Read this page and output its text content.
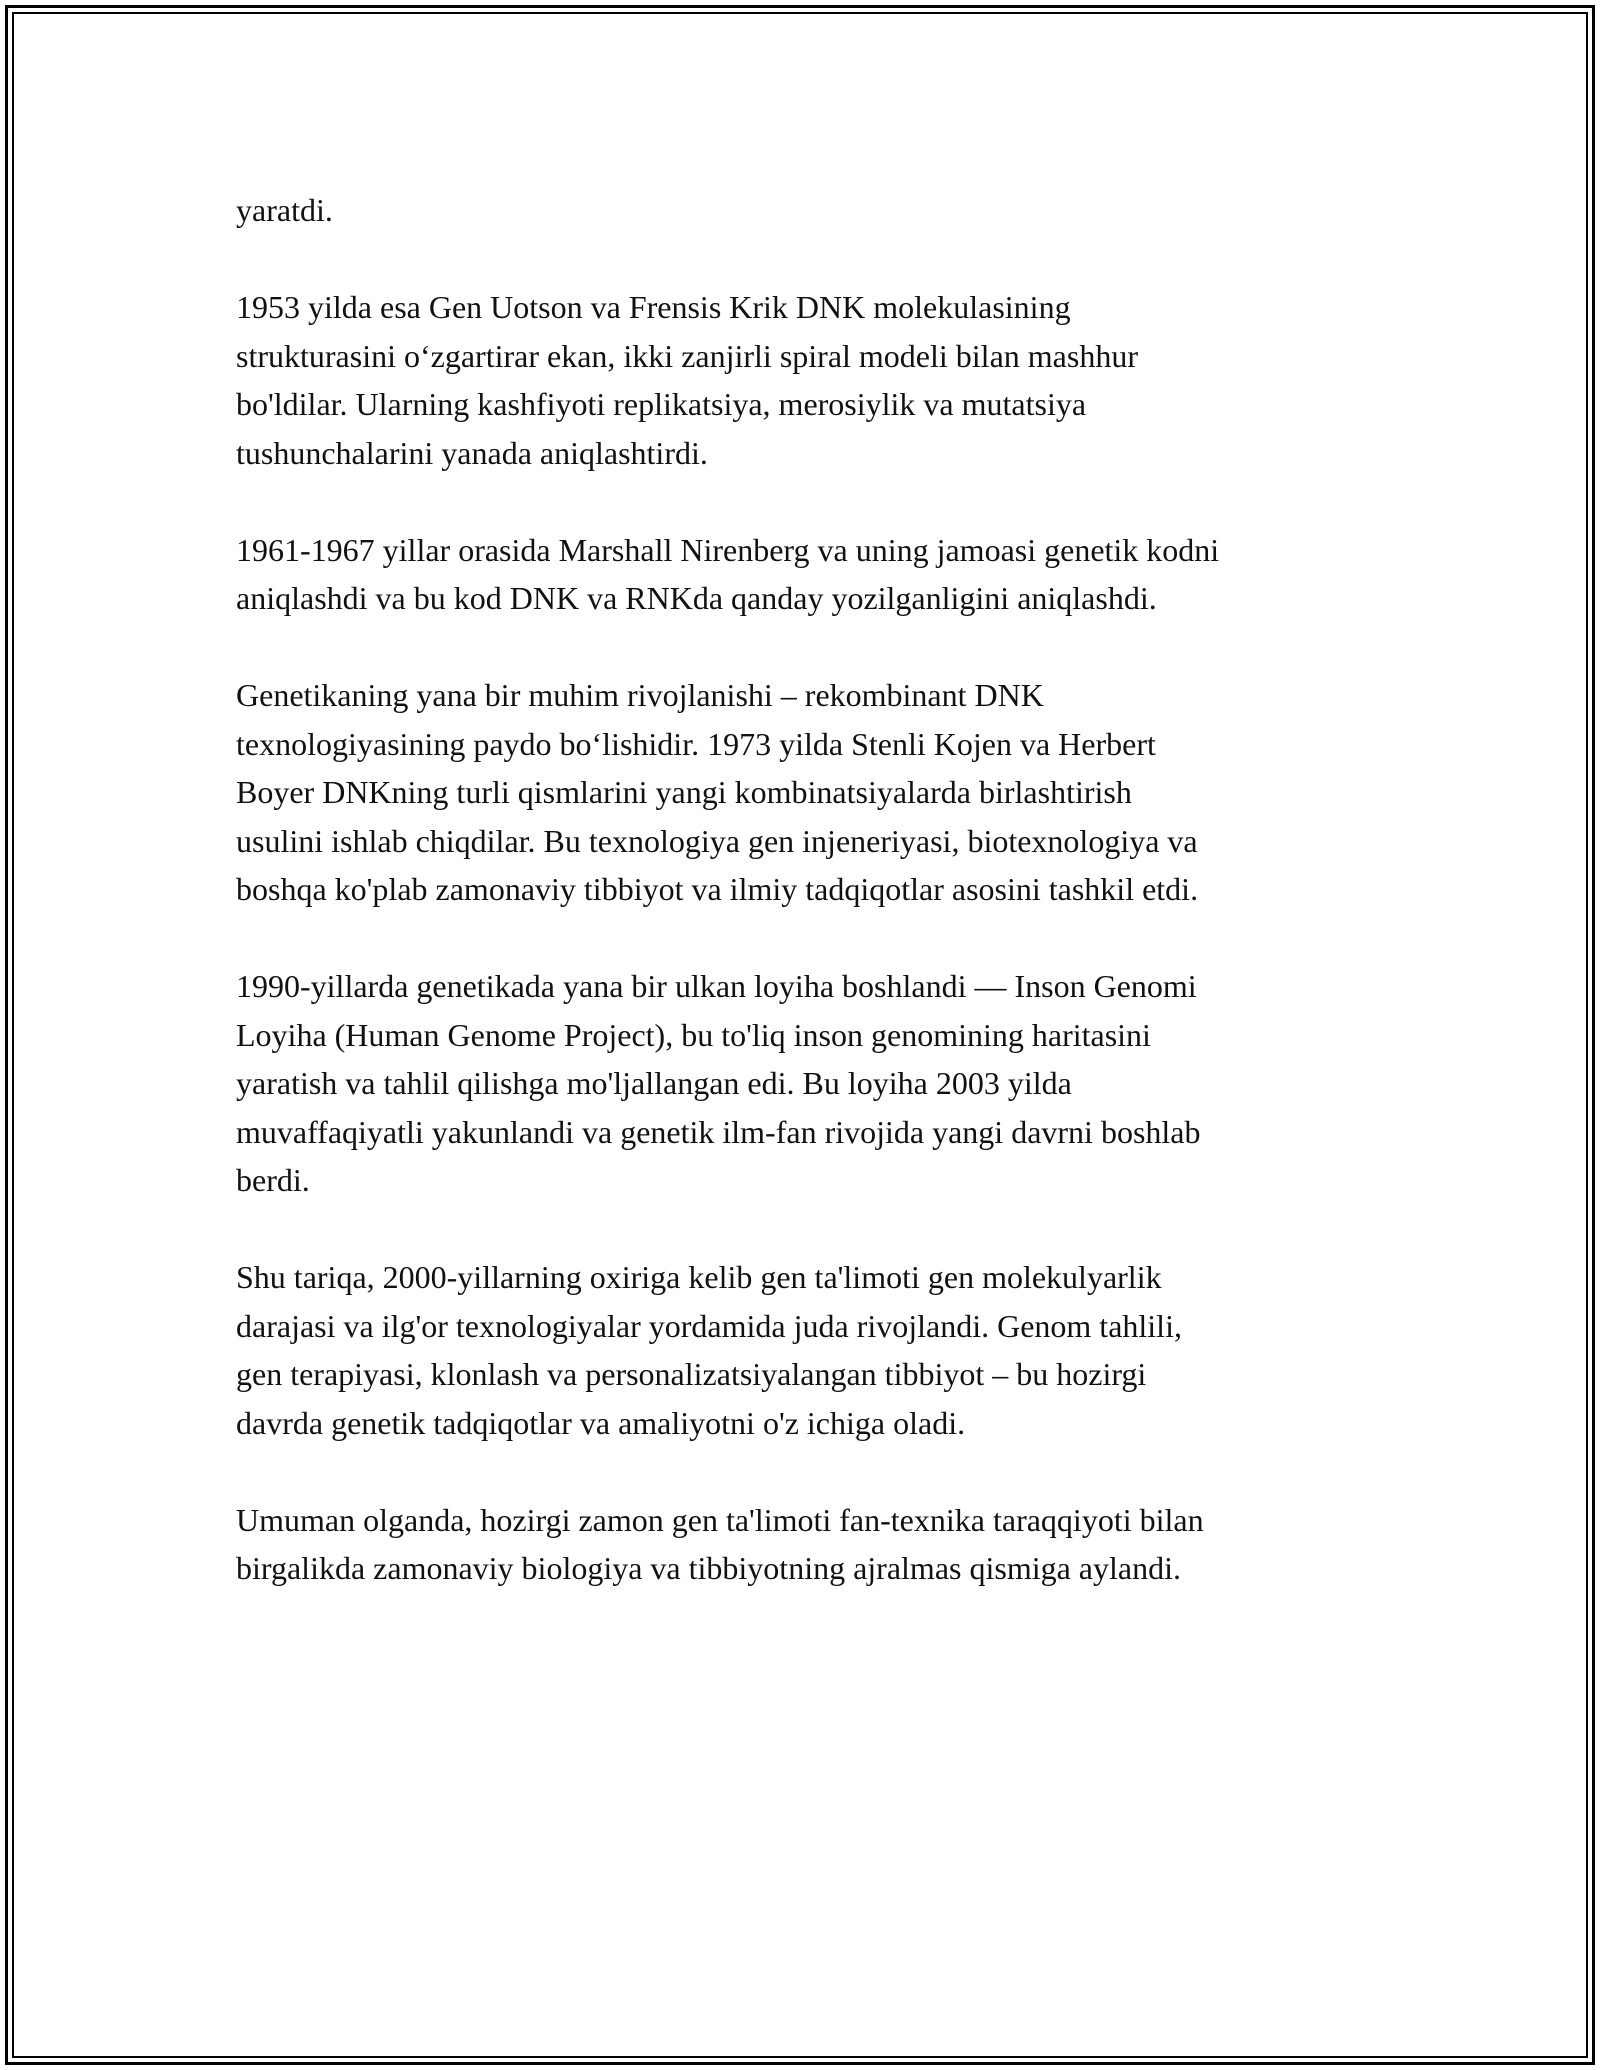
yaratdi.

1953 yilda esa Gen Uotson va Frensis Krik DNK molekulasining
strukturasini o‘zgartirar ekan, ikki zanjirli spiral modeli bilan mashhur
bo'ldilar. Ularning kashfiyoti replikatsiya, merosiylik va mutatsiya
tushunchalarini yanada aniqlashtirdi.

1961-1967 yillar orasida Marshall Nirenberg va uning jamoasi genetik kodni
aniqlashdi va bu kod DNK va RNKda qanday yozilganligini aniqlashdi.

Genetikaning yana bir muhim rivojlanishi – rekombinant DNK
texnologiyasining paydo bo‘lishidir. 1973 yilda Stenli Kojen va Herbert
Boyer DNKning turli qismlarini yangi kombinatsiyalarda birlashtirish
usulini ishlab chiqdilar. Bu texnologiya gen injeneriyasi, biotexnologiya va
boshqa ko'plab zamonaviy tibbiyot va ilmiy tadqiqotlar asosini tashkil etdi.

1990-yillarda genetikada yana bir ulkan loyiha boshlandi — Inson Genomi
Loyiha (Human Genome Project), bu to'liq inson genomining haritasini
yaratish va tahlil qilishga mo'ljallangan edi. Bu loyiha 2003 yilda
muvaffaqiyatli yakunlandi va genetik ilm-fan rivojida yangi davrni boshlab
berdi.

Shu tariqa, 2000-yillarning oxiriga kelib gen ta'limoti gen molekulyarlik
darajasi va ilg'or texnologiyalar yordamida juda rivojlandi. Genom tahlili,
gen terapiyasi, klonlash va personalizatsiyalangan tibbiyot – bu hozirgi
davrda genetik tadqiqotlar va amaliyotni o'z ichiga oladi.

Umuman olganda, hozirgi zamon gen ta'limoti fan-texnika taraqqiyoti bilan
birgalikda zamonaviy biologiya va tibbiyotning ajralmas qismiga aylandi.
